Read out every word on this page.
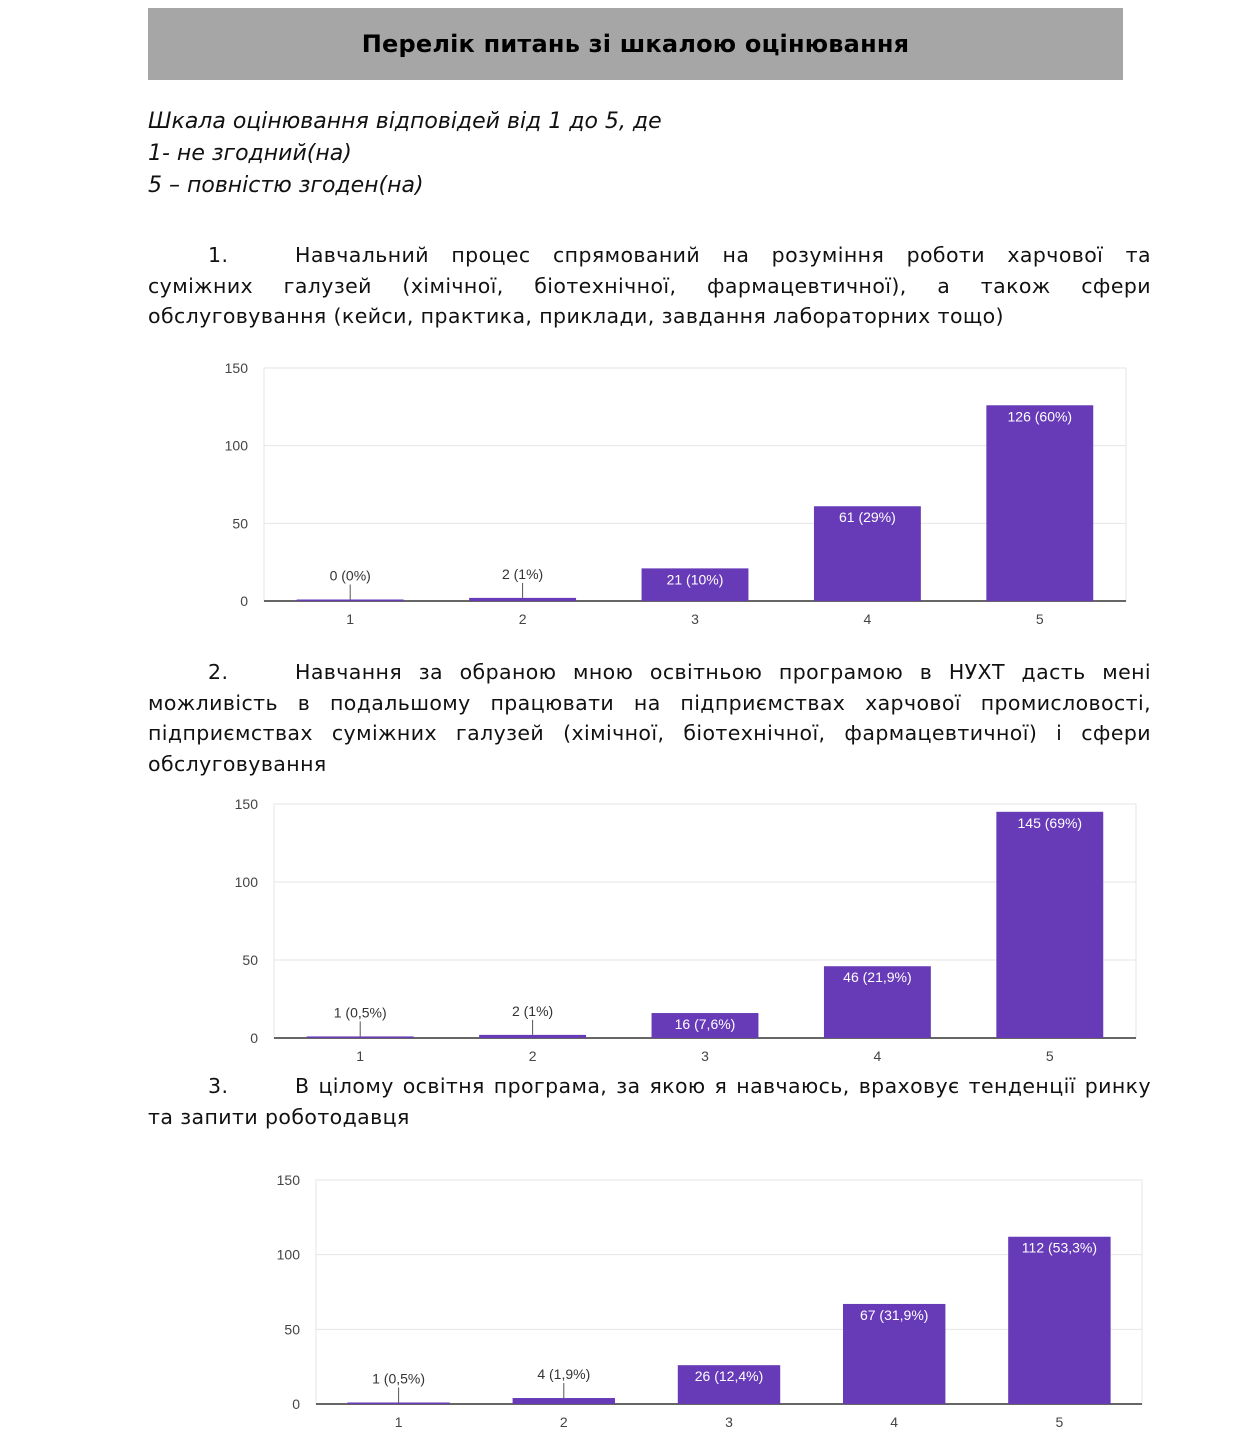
Перелік питань зі шкалою оцінювання
Шкала оцінювання відповідей від 1 до 5, де
1- не згодний(на)
5 – повністю згоден(на)
1.	Навчальний процес спрямований на розуміння роботи харчової та суміжних галузей (хімічної, біотехнічної, фармацевтичної), а також сфери обслуговування (кейси, практика, приклади, завдання лабораторних тощо)
0
50
100
150
1
0 (0%)
2
2 (1%)
3
21 (10%)
4
61 (29%)
5
126 (60%)
2.	Навчання за обраною мною освітньою програмою в НУХТ дасть мені можливість в подальшому працювати на підприємствах харчової промисловості, підприємствах суміжних галузей (хімічної, біотехнічної, фармацевтичної) і сфери обслуговування
0
50
100
150
1
1 (0,5%)
2
2 (1%)
3
16 (7,6%)
4
46 (21,9%)
5
145 (69%)
3.	В цілому освітня програма, за якою я навчаюсь, враховує тенденції ринку та запити роботодавця
0
50
100
150
1
1 (0,5%)
2
4 (1,9%)
3
26 (12,4%)
4
67 (31,9%)
5
112 (53,3%)
